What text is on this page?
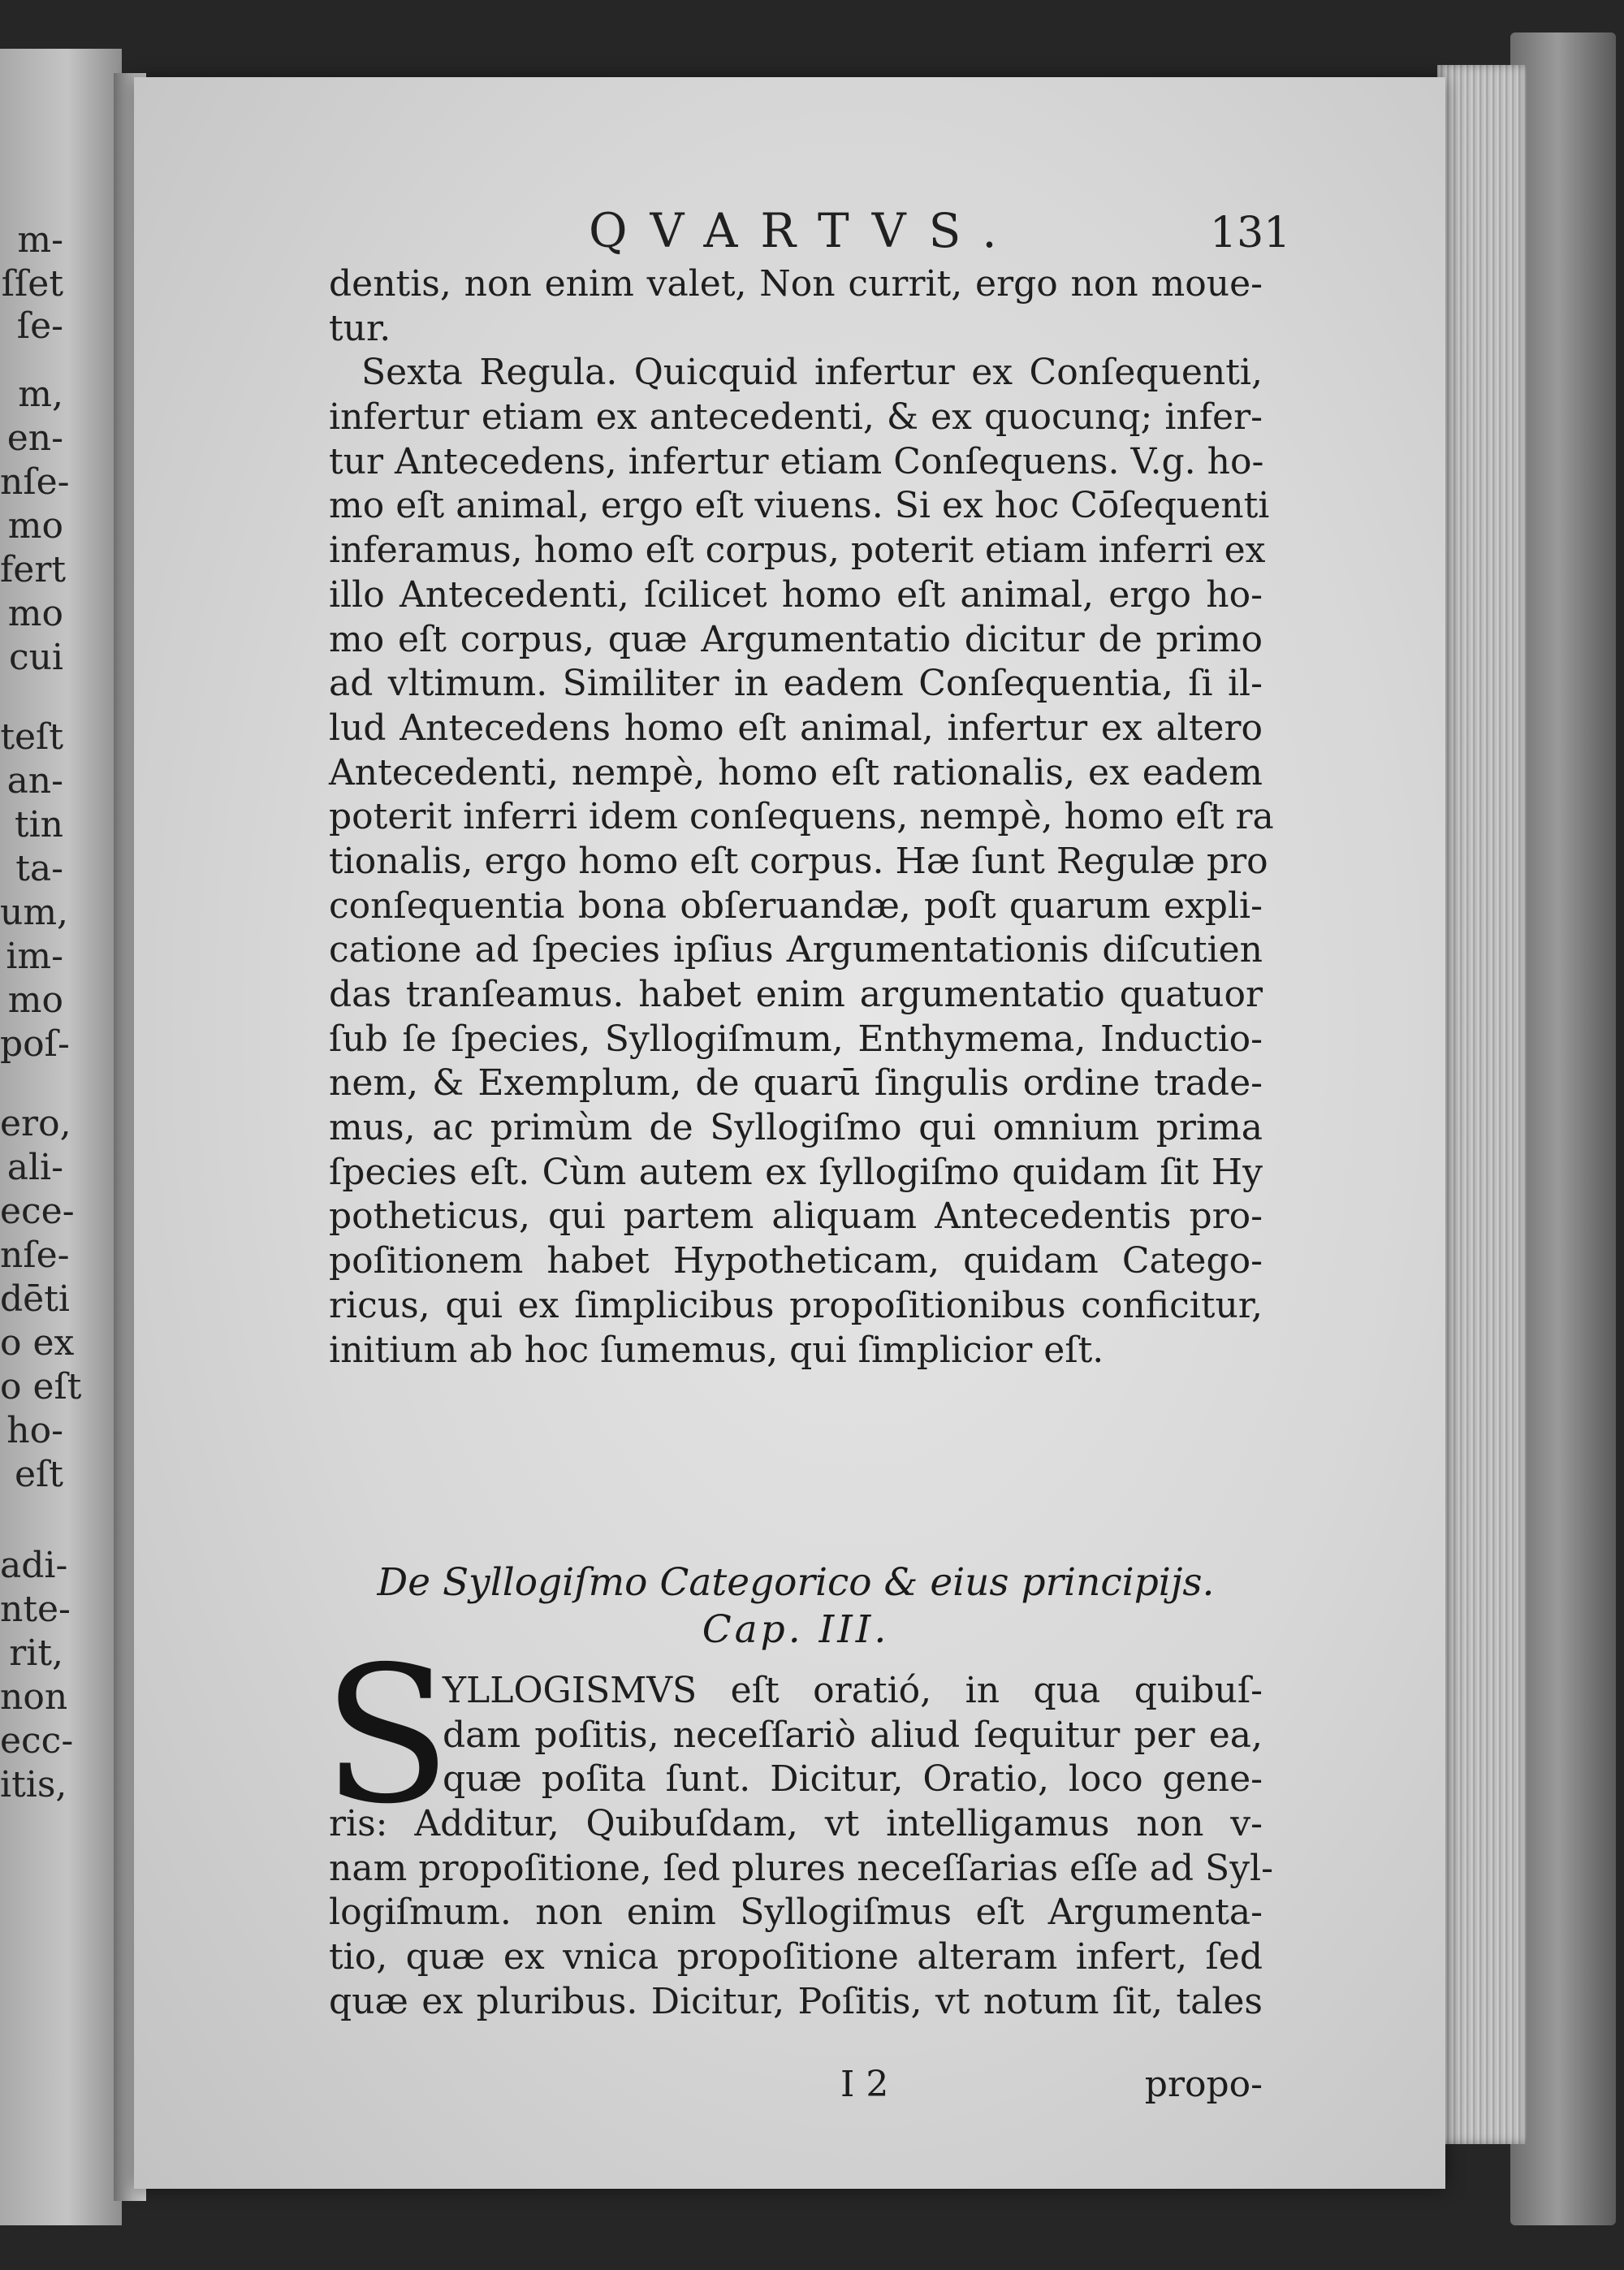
m-
ſſet
ſe-
m,
en-
nſe-
mo
fert
mo
cui
teſt
an-
tin
ta-
um,
im-
mo
poſ-
ero,
ali-
ece-
nſe-
dēti
o ex
o eſt
ho-
eſt
adi-
nte-
rit,
non
ecc-
itis,
QVARTVS.	131
dentis, non enim valet, Non currit, ergo non moue-
tur.
Sexta Regula. Quicquid infertur ex Conſequenti,
infertur etiam ex antecedenti, & ex quocunq; infer-
tur Antecedens, infertur etiam Conſequens. V.g. ho-
mo eſt animal, ergo eſt viuens. Si ex hoc Cōſequenti
inferamus, homo eſt corpus, poterit etiam inferri ex
illo Antecedenti, ſcilicet homo eſt animal, ergo ho-
mo eſt corpus, quæ Argumentatio dicitur de primo
ad vltimum. Similiter in eadem Conſequentia, ſi il-
lud Antecedens homo eſt animal, infertur ex altero
Antecedenti, nempè, homo eſt rationalis, ex eadem
poterit inferri idem conſequens, nempè, homo eſt ra
tionalis, ergo homo eſt corpus. Hæ ſunt Regulæ pro
conſequentia bona obſeruandæ, poſt quarum expli-
catione ad ſpecies ipſius Argumentationis diſcutien
das tranſeamus. habet enim argumentatio quatuor
ſub ſe ſpecies, Syllogiſmum, Enthymema, Inductio-
nem, & Exemplum, de quarū ſingulis ordine trade-
mus, ac primùm de Syllogiſmo qui omnium prima
ſpecies eſt. Cùm autem ex ſyllogiſmo quidam ſit Hy
potheticus, qui partem aliquam Antecedentis pro-
poſitionem habet Hypotheticam, quidam Catego-
ricus, qui ex ſimplicibus propoſitionibus conficitur,
initium ab hoc ſumemus, qui ſimplicior eſt.
De Syllogiſmo Categorico & eius principijs.
Cap. III.
S
YLLOGISMVS eſt oratió, in qua quibuſ-
dam poſitis, neceſſariò aliud ſequitur per ea,
quæ poſita ſunt. Dicitur, Oratio, loco gene-
ris: Additur, Quibuſdam, vt intelligamus non v-
nam propoſitione, ſed plures neceſſarias eſſe ad Syl-
logiſmum. non enim Syllogiſmus eſt Argumenta-
tio, quæ ex vnica propoſitione alteram infert, ſed
quæ ex pluribus. Dicitur, Poſitis, vt notum ſit, tales
I 2	propo-
